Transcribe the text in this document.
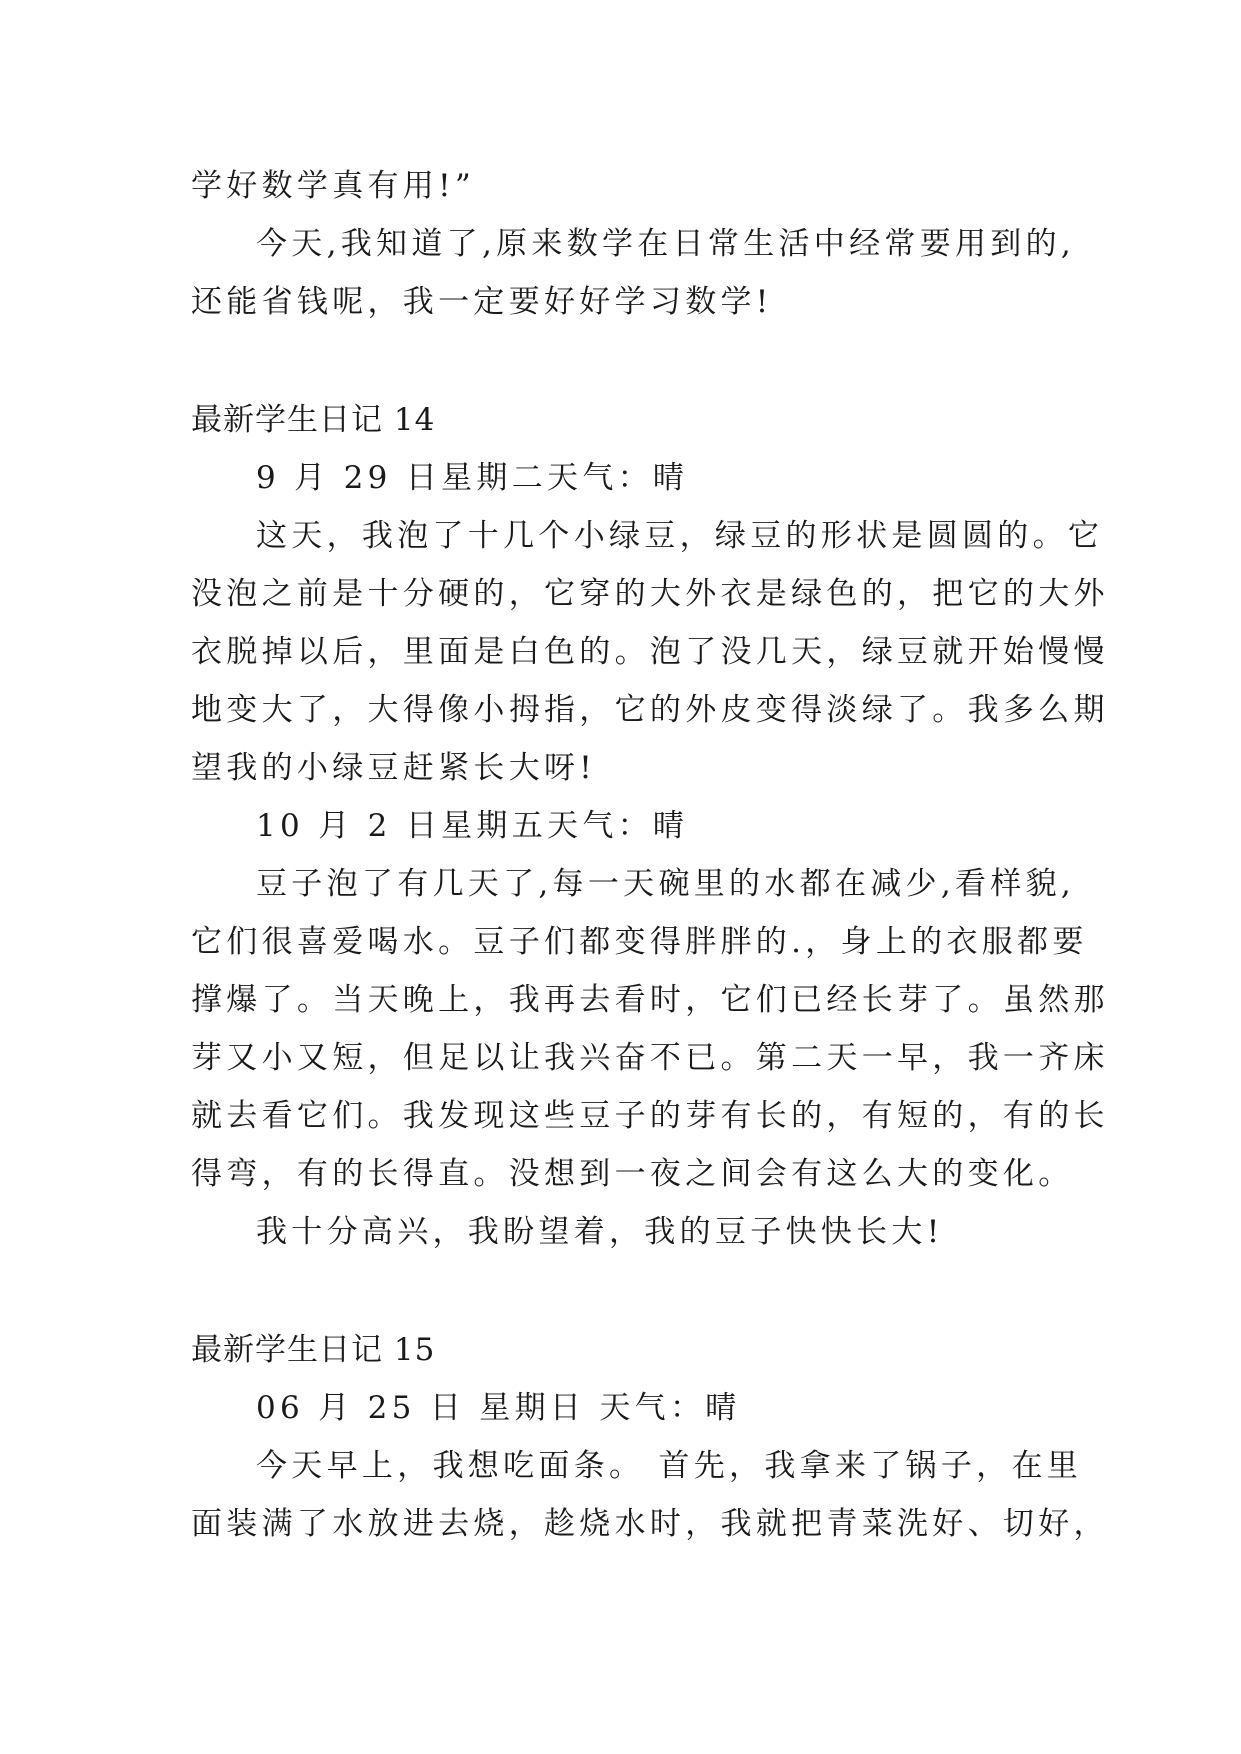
学好数学真有用!”
今天,我知道了,原来数学在日常生活中经常要用到的,
还能省钱呢，我一定要好好学习数学!
最新学生日记 14
9 月 29 日星期二天气：晴
这天，我泡了十几个小绿豆，绿豆的形状是圆圆的。它
没泡之前是十分硬的，它穿的大外衣是绿色的，把它的大外
衣脱掉以后，里面是白色的。泡了没几天，绿豆就开始慢慢
地变大了，大得像小拇指，它的外皮变得淡绿了。我多么期
望我的小绿豆赶紧长大呀!
10 月 2 日星期五天气：晴
豆子泡了有几天了,每一天碗里的水都在减少,看样貌,
它们很喜爱喝水。豆子们都变得胖胖的.，身上的衣服都要
撑爆了。当天晚上，我再去看时，它们已经长芽了。虽然那
芽又小又短，但足以让我兴奋不已。第二天一早，我一齐床
就去看它们。我发现这些豆子的芽有长的，有短的，有的长
得弯，有的长得直。没想到一夜之间会有这么大的变化。
我十分高兴，我盼望着，我的豆子快快长大!
最新学生日记 15
06 月 25 日 星期日 天气：晴
今天早上，我想吃面条。 首先，我拿来了锅子，在里
面装满了水放进去烧，趁烧水时，我就把青菜洗好、切好，
